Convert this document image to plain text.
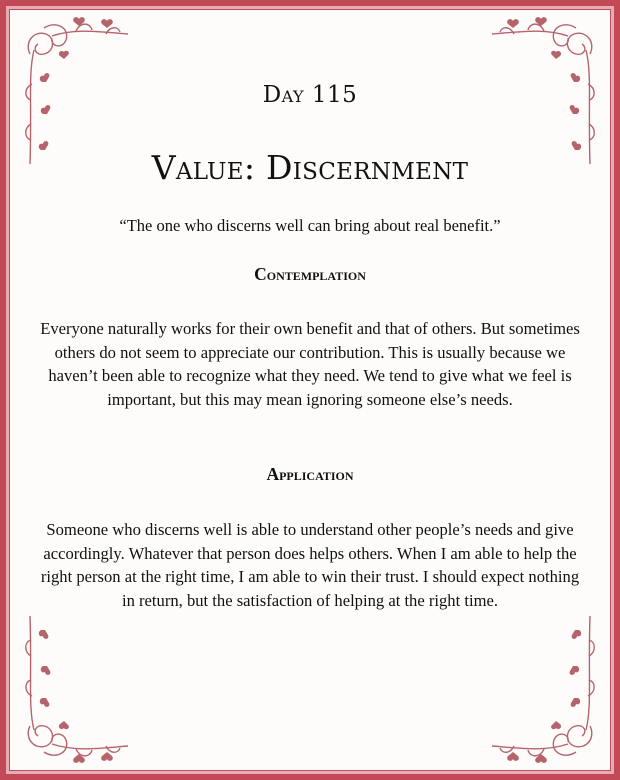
Day 115
Value: Discernment
“The one who discerns well can bring about real benefit.”
Contemplation
Everyone naturally works for their own benefit and that of others. But sometimes others do not seem to appreciate our contribution. This is usually because we haven’t been able to recognize what they need. We tend to give what we feel is important, but this may mean ignoring someone else’s needs.
Application
Someone who discerns well is able to understand other people’s needs and give accordingly. Whatever that person does helps others. When I am able to help the right person at the right time, I am able to win their trust. I should expect nothing in return, but the satisfaction of helping at the right time.
